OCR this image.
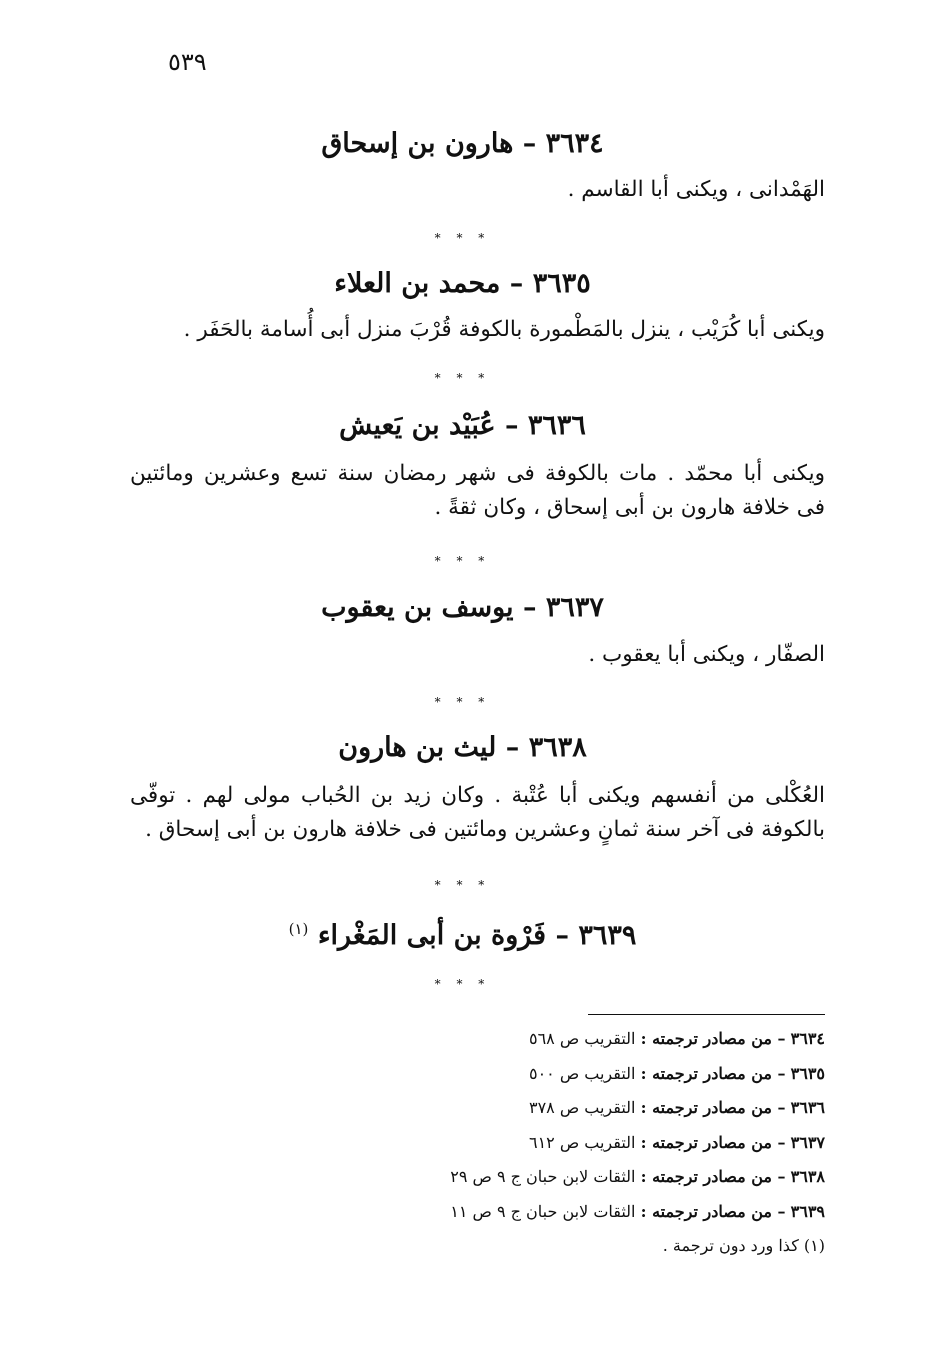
٥٣٩
٣٦٣٤ – هارون بن إسحاق

الهَمْدانى ، ويكنى أبا القاسم .

* * *
٣٦٣٥ – محمد بن العلاء

ويكنى أبا كُرَيْب ، ينزل بالمَطْمورة بالكوفة قُرْبَ منزل أبى أُسامة بالحَفَر .

* * *
٣٦٣٦ – عُبَيْد بن يَعيش

ويكنى أبا محمّد . مات بالكوفة فى شهر رمضان سنة تسع وعشرين ومائتين

فى خلافة هارون بن أبى إسحاق ، وكان ثقةً .

* * *
٣٦٣٧ – يوسف بن يعقوب

الصفّار ، ويكنى أبا يعقوب .

* * *
٣٦٣٨ – ليث بن هارون

العُكْلى من أنفسهم ويكنى أبا عُتْبة . وكان زيد بن الحُباب مولى لهم . توفّى

بالكوفة فى آخر سنة ثمانٍ وعشرين ومائتين فى خلافة هارون بن أبى إسحاق .

* * *
٣٦٣٩ – فَرْوة بن أبى المَغْراء $^{(١)}$
* * *
٣٦٣٤ – من مصادر ترجمته : التقريب ص ٥٦٨
٣٦٣٥ – من مصادر ترجمته : التقريب ص ٥٠٠
٣٦٣٦ – من مصادر ترجمته : التقريب ص ٣٧٨
٣٦٣٧ – من مصادر ترجمته : التقريب ص ٦١٢
٣٦٣٨ – من مصادر ترجمته : الثقات لابن حبان ج ٩ ص ٢٩
٣٦٣٩ – من مصادر ترجمته : الثقات لابن حبان ج ٩ ص ١١
(١) كذا ورد دون ترجمة .
